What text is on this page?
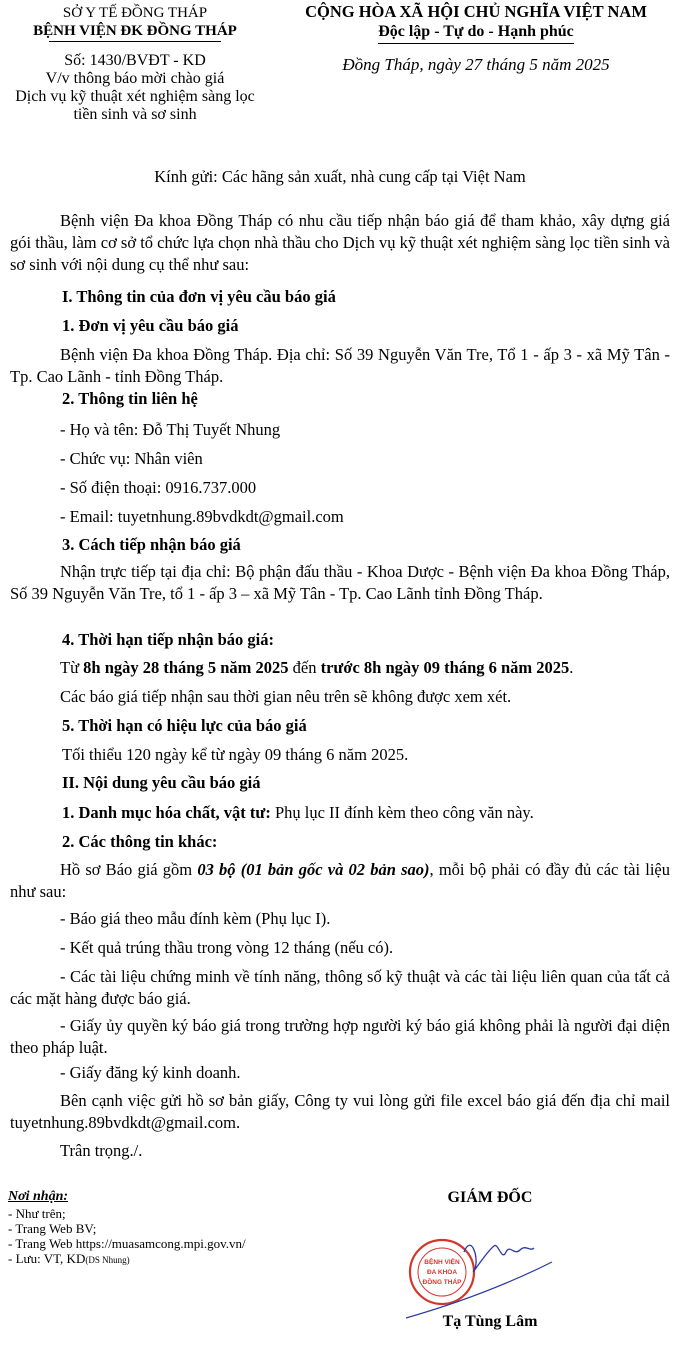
SỞ Y TẾ ĐỒNG THÁP
BỆNH VIỆN ĐK ĐỒNG THÁP
Số: 1430/BVĐT - KD
V/v thông báo mời chào giá
Dịch vụ kỹ thuật xét nghiệm sàng lọc
tiền sinh và sơ sinh
CỘNG HÒA XÃ HỘI CHỦ NGHĨA VIỆT NAM
Độc lập - Tự do - Hạnh phúc
Đồng Tháp, ngày 27 tháng 5 năm 2025
Kính gửi: Các hãng sản xuất, nhà cung cấp tại Việt Nam
Bệnh viện Đa khoa Đồng Tháp có nhu cầu tiếp nhận báo giá để tham khảo, xây dựng giá gói thầu, làm cơ sở tổ chức lựa chọn nhà thầu cho Dịch vụ kỹ thuật xét nghiệm sàng lọc tiền sinh và sơ sinh với nội dung cụ thể như sau:
I. Thông tin của đơn vị yêu cầu báo giá
1. Đơn vị yêu cầu báo giá
Bệnh viện Đa khoa Đồng Tháp. Địa chỉ: Số 39 Nguyễn Văn Tre, Tổ 1 - ấp 3 - xã Mỹ Tân - Tp. Cao Lãnh - tỉnh Đồng Tháp.
2. Thông tin liên hệ
- Họ và tên: Đỗ Thị Tuyết Nhung
- Chức vụ: Nhân viên
- Số điện thoại: 0916.737.000
- Email: tuyetnhung.89bvdkdt@gmail.com
3. Cách tiếp nhận báo giá
Nhận trực tiếp tại địa chỉ: Bộ phận đấu thầu - Khoa Dược - Bệnh viện Đa khoa Đồng Tháp, Số 39 Nguyễn Văn Tre, tổ 1 - ấp 3 – xã Mỹ Tân - Tp. Cao Lãnh tỉnh Đồng Tháp.
4. Thời hạn tiếp nhận báo giá:
Từ 8h ngày 28 tháng 5 năm 2025 đến trước 8h ngày 09 tháng 6 năm 2025.
Các báo giá tiếp nhận sau thời gian nêu trên sẽ không được xem xét.
5. Thời hạn có hiệu lực của báo giá
Tối thiểu 120 ngày kể từ ngày 09 tháng 6 năm 2025.
II. Nội dung yêu cầu báo giá
1. Danh mục hóa chất, vật tư: Phụ lục II đính kèm theo công văn này.
2. Các thông tin khác:
Hồ sơ Báo giá gồm 03 bộ (01 bản gốc và 02 bản sao), mỗi bộ phải có đầy đủ các tài liệu như sau:
- Báo giá theo mẫu đính kèm (Phụ lục I).
- Kết quả trúng thầu trong vòng 12 tháng (nếu có).
- Các tài liệu chứng minh về tính năng, thông số kỹ thuật và các tài liệu liên quan của tất cả các mặt hàng được báo giá.
- Giấy ủy quyền ký báo giá trong trường hợp người ký báo giá không phải là người đại diện theo pháp luật.
- Giấy đăng ký kinh doanh.
Bên cạnh việc gửi hồ sơ bản giấy, Công ty vui lòng gửi file excel báo giá đến địa chỉ mail tuyetnhung.89bvdkdt@gmail.com.
Trân trọng./.
Nơi nhận:
- Như trên;
- Trang Web BV;
- Trang Web https://muasamcong.mpi.gov.vn/
- Lưu: VT, KD(DS Nhung)
GIÁM ĐỐC
BỆNH VIỆN
ĐA KHOA
ĐỒNG THÁP
Tạ Tùng Lâm
